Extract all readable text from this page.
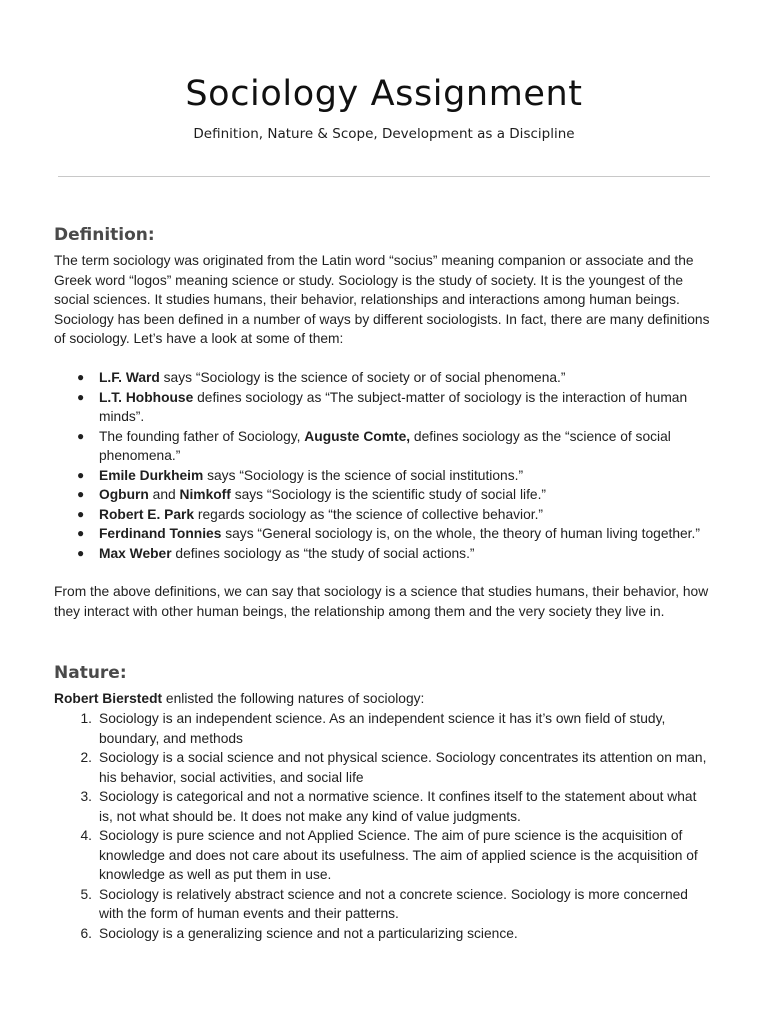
Sociology Assignment
Definition, Nature & Scope, Development as a Discipline
Definition:

The term sociology was originated from the Latin word “socius” meaning companion or associate and the
Greek word “logos” meaning science or study. Sociology is the study of society. It is the youngest of the
social sciences. It studies humans, their behavior, relationships and interactions among human beings.
Sociology has been defined in a number of ways by different sociologists. In fact, there are many definitions
of sociology. Let’s have a look at some of them:

● L.F. Ward says “Sociology is the science of society or of social phenomena.”
● L.T. Hobhouse defines sociology as “The subject-matter of sociology is the interaction of human
minds”.
● The founding father of Sociology, Auguste Comte, defines sociology as the “science of social
phenomena.”
● Emile Durkheim says “Sociology is the science of social institutions.”
● Ogburn and Nimkoff says “Sociology is the scientific study of social life.”
● Robert E. Park regards sociology as “the science of collective behavior.”
● Ferdinand Tonnies says “General sociology is, on the whole, the theory of human living together.”
● Max Weber defines sociology as “the study of social actions.”

From the above definitions, we can say that sociology is a science that studies humans, their behavior, how
they interact with other human beings, the relationship among them and the very society they live in.

Nature:

Robert Bierstedt enlisted the following natures of sociology:

1. Sociology is an independent science. As an independent science it has it’s own field of study,
boundary, and methods
2. Sociology is a social science and not physical science. Sociology concentrates its attention on man,
his behavior, social activities, and social life
3. Sociology is categorical and not a normative science. It confines itself to the statement about what
is, not what should be. It does not make any kind of value judgments.
4. Sociology is pure science and not Applied Science. The aim of pure science is the acquisition of
knowledge and does not care about its usefulness. The aim of applied science is the acquisition of
knowledge as well as put them in use.
5. Sociology is relatively abstract science and not a concrete science. Sociology is more concerned
with the form of human events and their patterns.
6. Sociology is a generalizing science and not a particularizing science.
